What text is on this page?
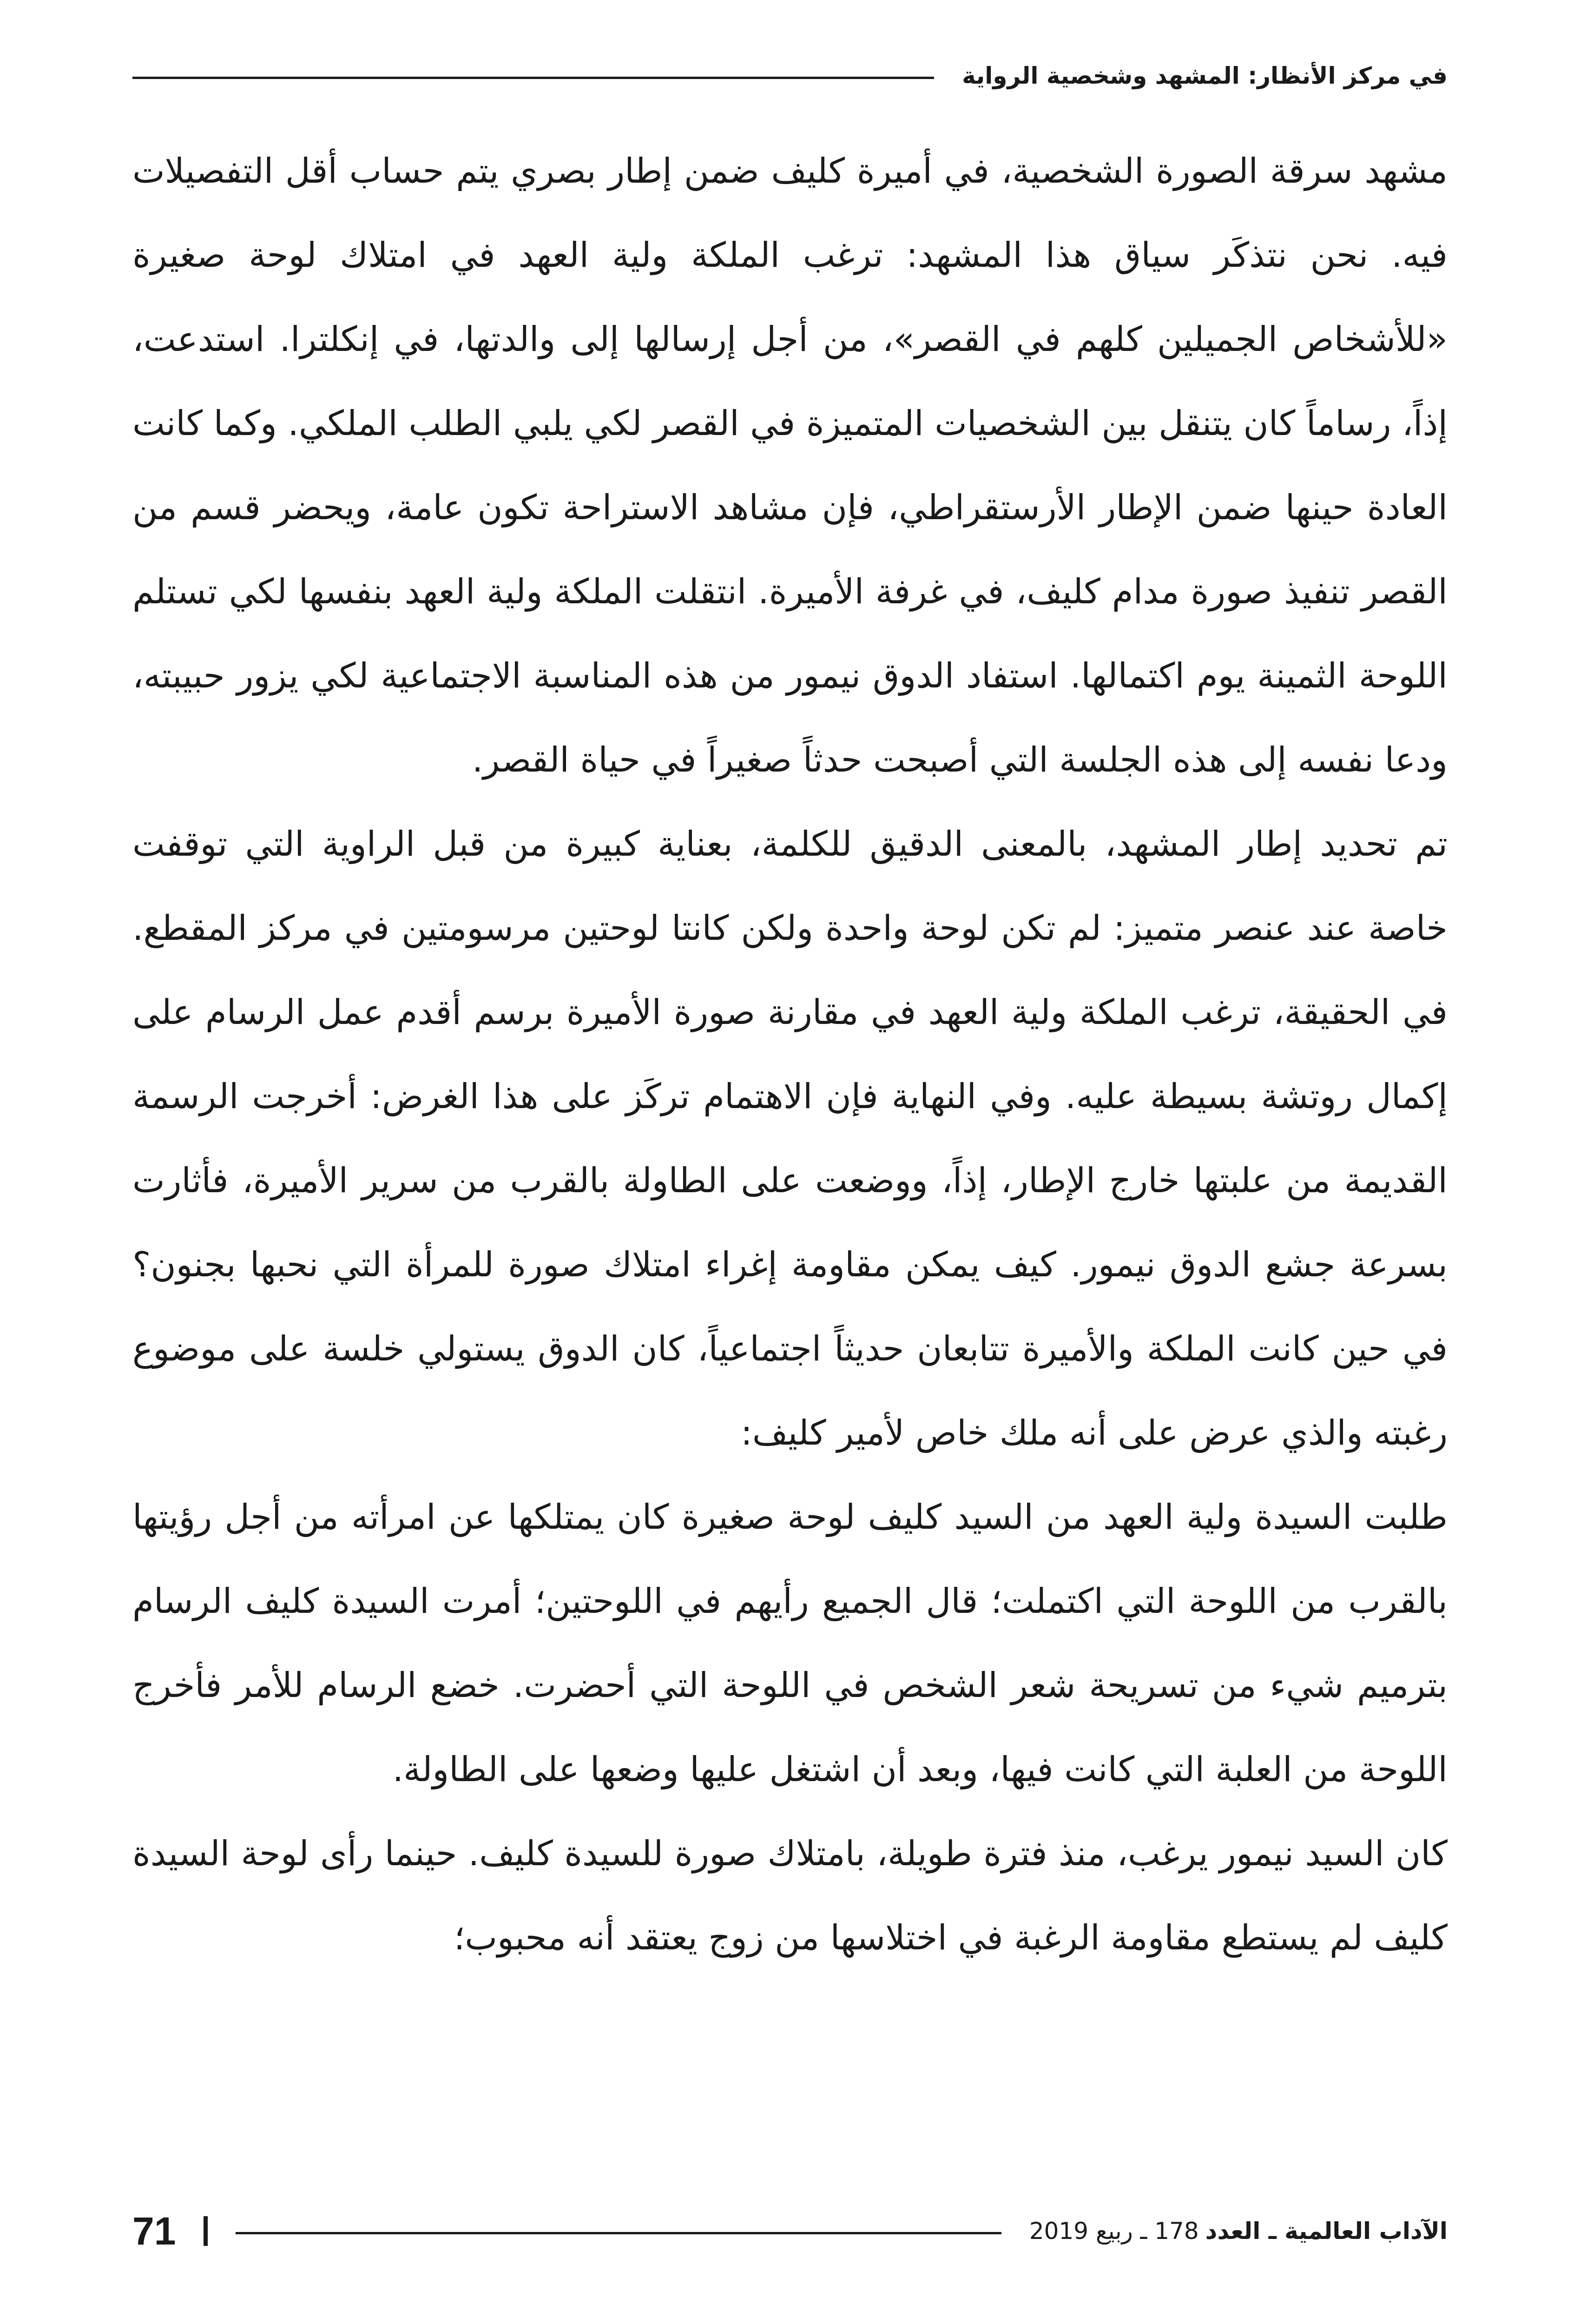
في مركز الأنظار: المشهد وشخصية الرواية

مشهد سرقة الصورة الشخصية، في أميرة كليف ضمن إطار بصري يتم حساب أقل التفصيلات فيه. نحن نتذكَر سياق هذا المشهد: ترغب الملكة ولية العهد في امتلاك لوحة صغيرة «للأشخاص الجميلين كلهم في القصر»، من أجل إرسالها إلى والدتها، في إنكلترا. استدعت، إذاً، رساماً كان يتنقل بين الشخصيات المتميزة في القصر لكي يلبي الطلب الملكي. وكما كانت العادة حينها ضمن الإطار الأرستقراطي، فإن مشاهد الاستراحة تكون عامة، ويحضر قسم من القصر تنفيذ صورة مدام كليف، في غرفة الأميرة. انتقلت الملكة ولية العهد بنفسها لكي تستلم اللوحة الثمينة يوم اكتمالها. استفاد الدوق نيمور من هذه المناسبة الاجتماعية لكي يزور حبيبته، ودعا نفسه إلى هذه الجلسة التي أصبحت حدثاً صغيراً في حياة القصر.

تم تحديد إطار المشهد، بالمعنى الدقيق للكلمة، بعناية كبيرة من قبل الراوية التي توقفت خاصة عند عنصر متميز: لم تكن لوحة واحدة ولكن كانتا لوحتين مرسومتين في مركز المقطع. في الحقيقة، ترغب الملكة ولية العهد في مقارنة صورة الأميرة برسم أقدم عمل الرسام على إكمال روتشة بسيطة عليه. وفي النهاية فإن الاهتمام تركَز على هذا الغرض: أخرجت الرسمة القديمة من علبتها خارج الإطار، إذاً، ووضعت على الطاولة بالقرب من سرير الأميرة، فأثارت بسرعة جشع الدوق نيمور. كيف يمكن مقاومة إغراء امتلاك صورة للمرأة التي نحبها بجنون؟ في حين كانت الملكة والأميرة تتابعان حديثاً اجتماعياً، كان الدوق يستولي خلسة على موضوع رغبته والذي عرض على أنه ملك خاص لأمير كليف:

طلبت السيدة ولية العهد من السيد كليف لوحة صغيرة كان يمتلكها عن امرأته من أجل رؤيتها بالقرب من اللوحة التي اكتملت؛ قال الجميع رأيهم في اللوحتين؛ أمرت السيدة كليف الرسام بترميم شيء من تسريحة شعر الشخص في اللوحة التي أحضرت. خضع الرسام للأمر فأخرج اللوحة من العلبة التي كانت فيها، وبعد أن اشتغل عليها وضعها على الطاولة.

كان السيد نيمور يرغب، منذ فترة طويلة، بامتلاك صورة للسيدة كليف. حينما رأى لوحة السيدة كليف لم يستطع مقاومة الرغبة في اختلاسها من زوج يعتقد أنه محبوب؛

الآداب العالمية ـ العدد
178 ـ ربيع 2019
71
